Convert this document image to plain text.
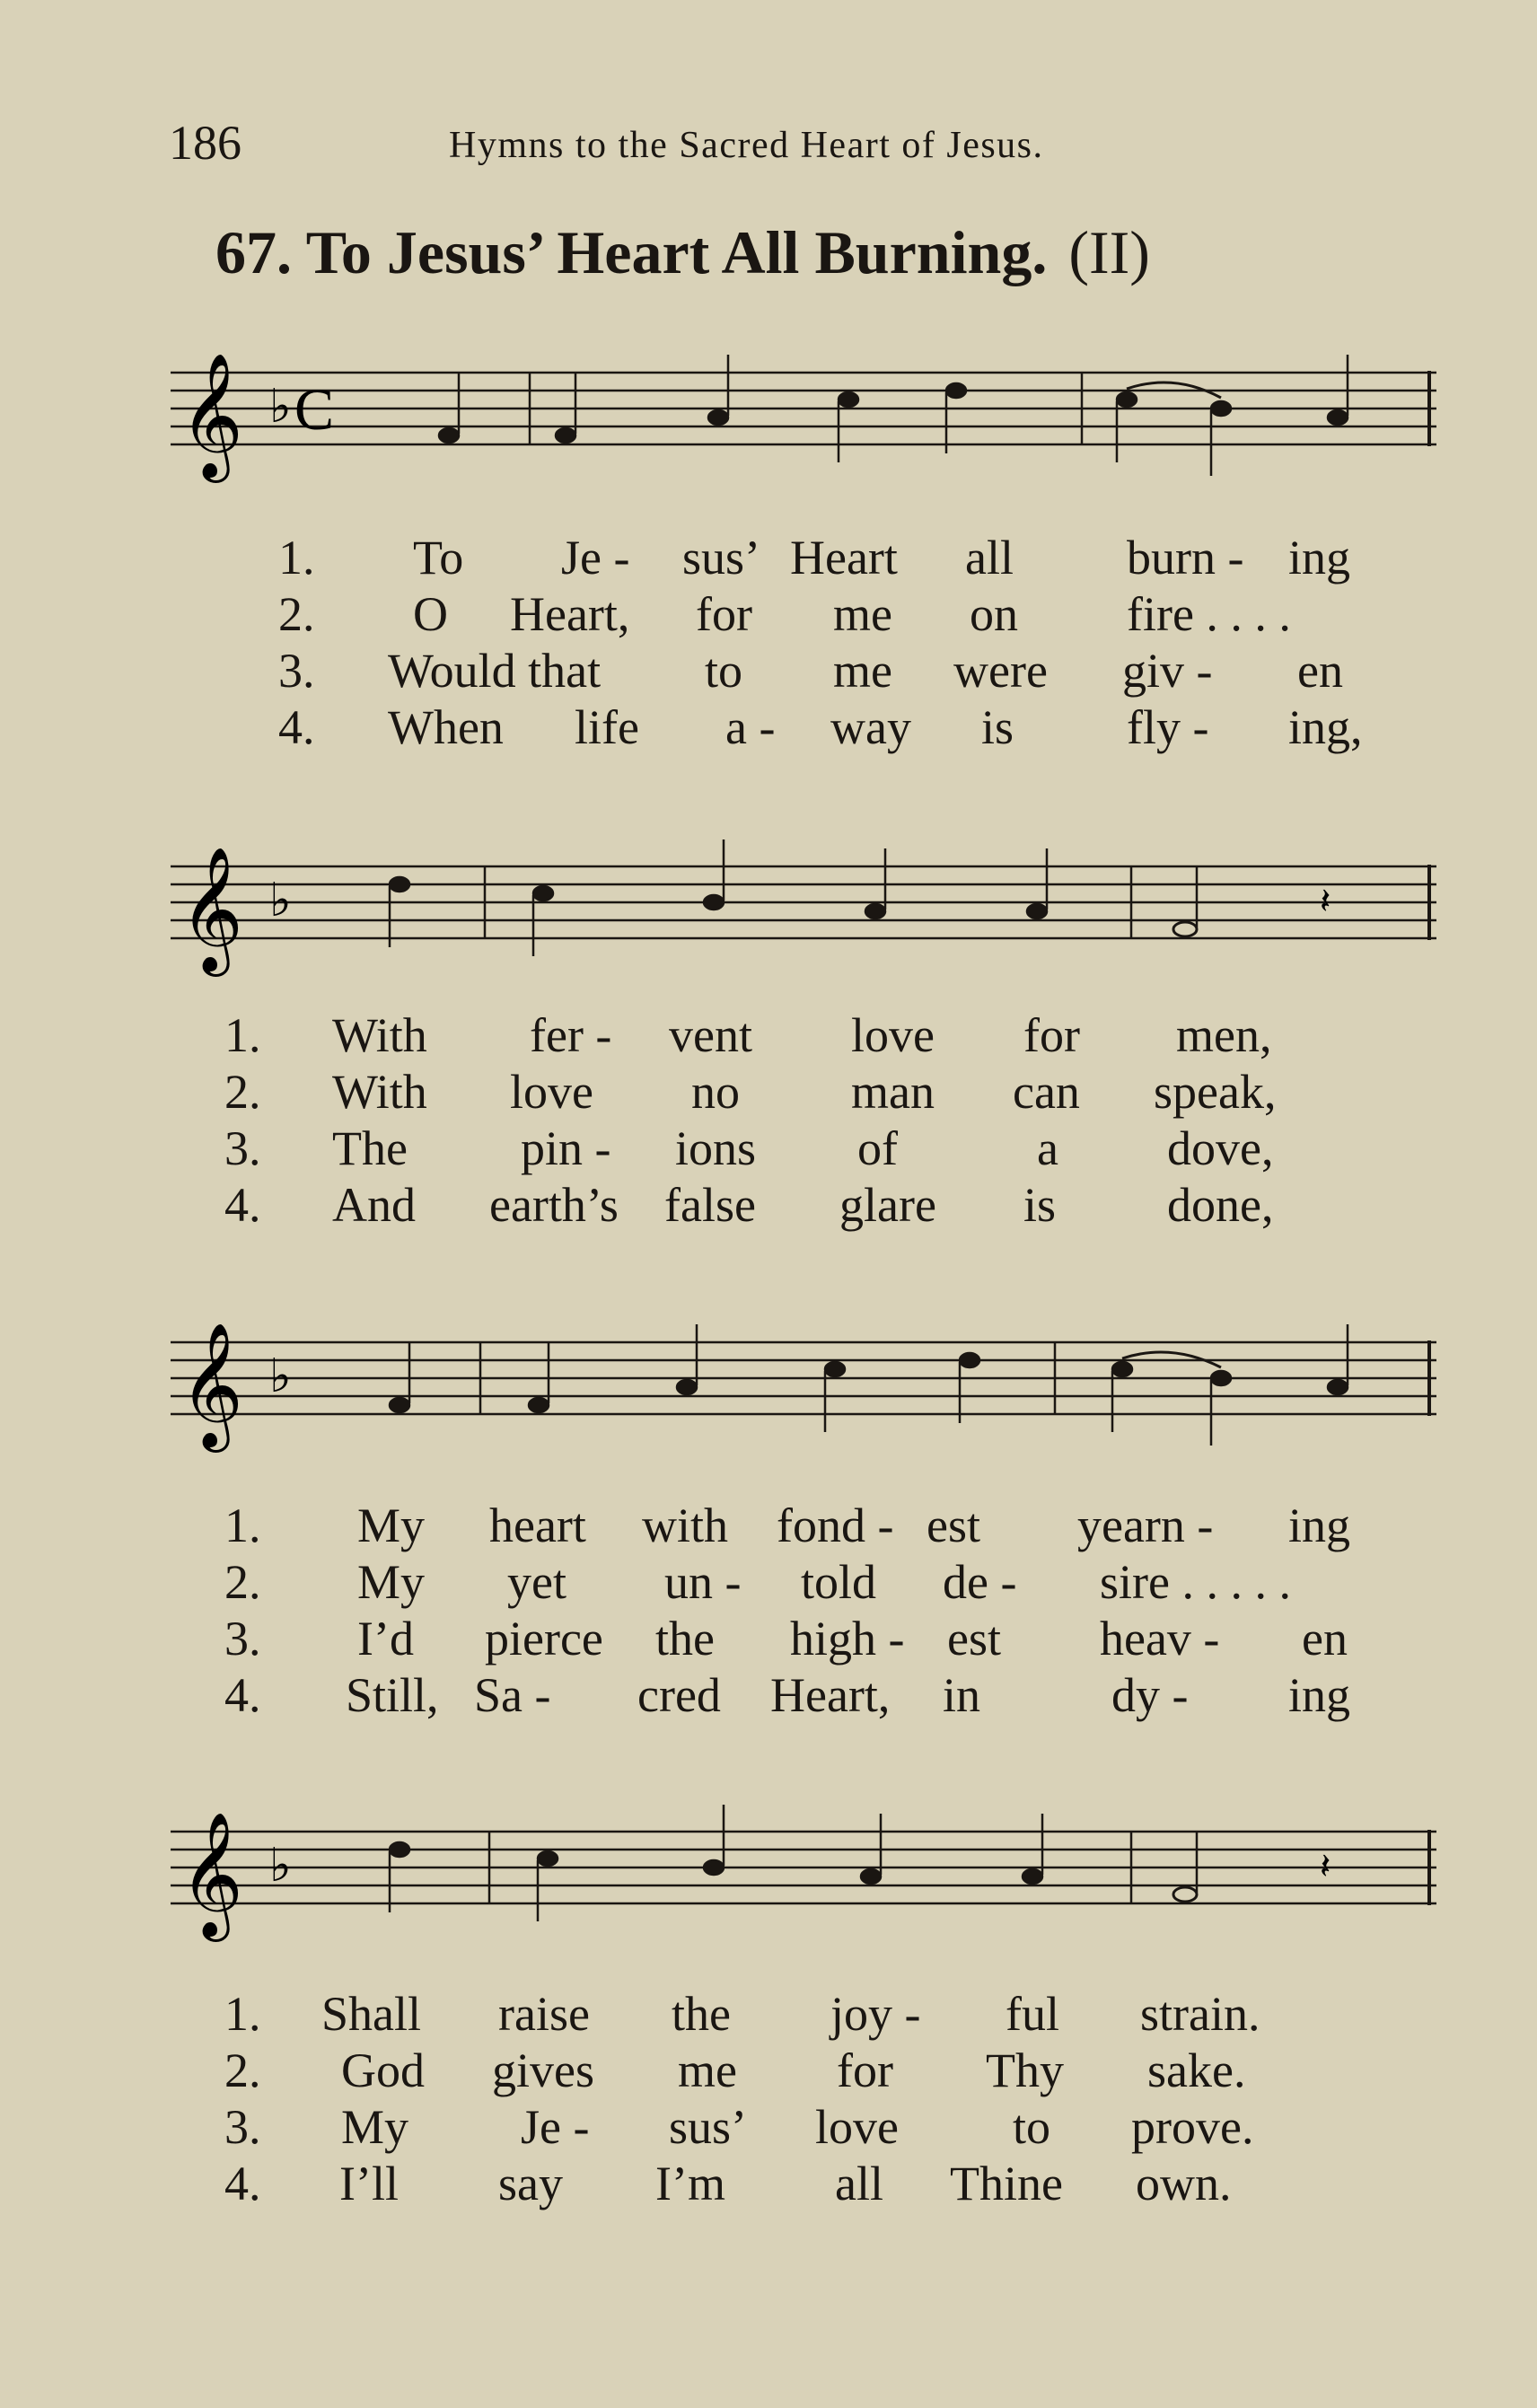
186	Hymns to the Sacred Heart of Jesus.
67. To Jesus’ Heart All Burning. (II)
𝄞 ♭ C
1. To Je - sus’ Heart all burn - ing
2. O Heart, for me on fire . . . .
3. Would that to me were giv - en
4. When life a - way is fly - ing,
𝄞 ♭	𝄽
1. With fer - vent love for men,
2. With love no man can speak,
3. The pin - ions of	a dove,
4. And earth’s false glare is done,
𝄞 ♭
1. My heart with fond - est yearn - ing
2. My yet un - told de - sire . . . . .
3. I’d pierce the high - est heav - en
4. Still, Sa - cred Heart, in	dy - ing
𝄞 ♭	𝄽
1. Shall raise the joy - ful strain.
2. God gives me for Thy sake.
3. My Je - sus’ love to prove.
4. I’ll say I’m all Thine own.
